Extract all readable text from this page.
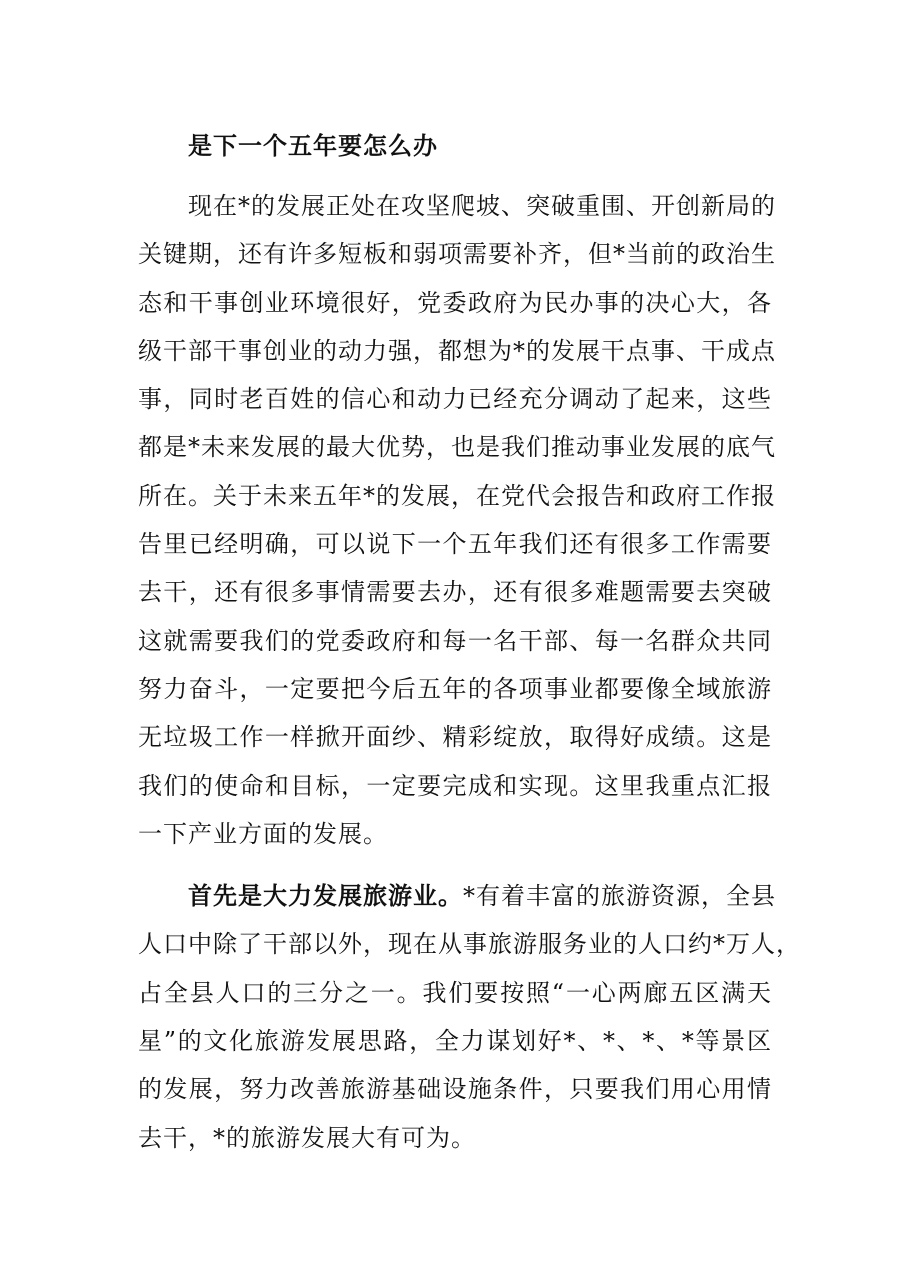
是下一个五年要怎么办

现在*的发展正处在攻坚爬坡、突破重围、开创新局的
关键期，还有许多短板和弱项需要补齐，但*当前的政治生
态和干事创业环境很好，党委政府为民办事的决心大，各
级干部干事创业的动力强，都想为*的发展干点事、干成点
事，同时老百姓的信心和动力已经充分调动了起来，这些
都是*未来发展的最大优势，也是我们推动事业发展的底气
所在。关于未来五年*的发展，在党代会报告和政府工作报
告里已经明确，可以说下一个五年我们还有很多工作需要
去干，还有很多事情需要去办，还有很多难题需要去突破
这就需要我们的党委政府和每一名干部、每一名群众共同
努力奋斗，一定要把今后五年的各项事业都要像全域旅游
无垃圾工作一样掀开面纱、精彩绽放，取得好成绩。这是
我们的使命和目标，一定要完成和实现。这里我重点汇报
一下产业方面的发展。

首先是大力发展旅游业。*有着丰富的旅游资源，全县
人口中除了干部以外，现在从事旅游服务业的人口约*万人，
占全县人口的三分之一。我们要按照“一心两廊五区满天
星”的文化旅游发展思路，全力谋划好*、*、*、*等景区
的发展，努力改善旅游基础设施条件，只要我们用心用情
去干，*的旅游发展大有可为。
